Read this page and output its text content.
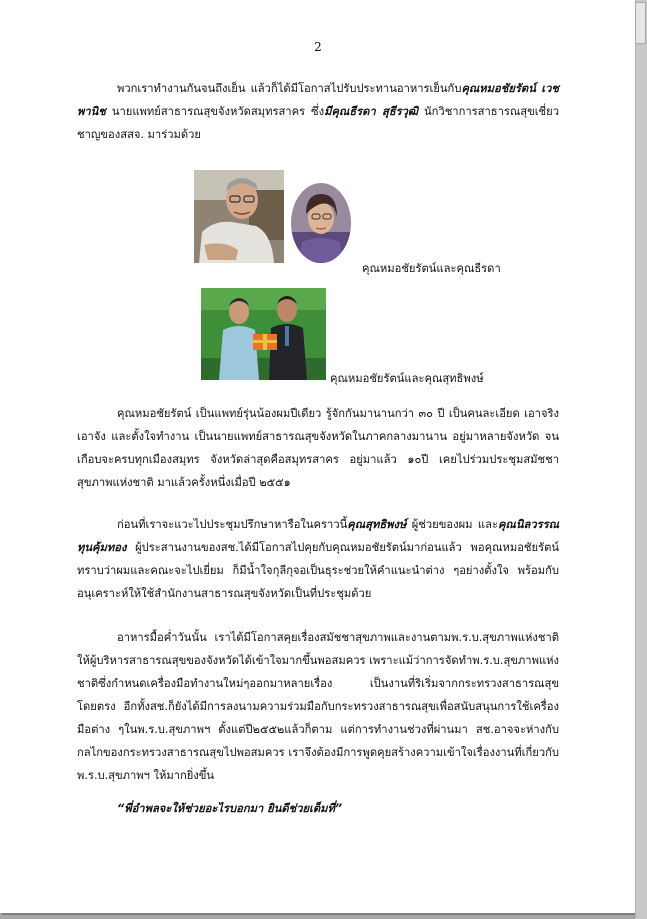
2
พวกเราทำงานกันจนถึงเย็น แล้วก็ได้มีโอกาสไปรับประทานอาหารเย็นกับคุณหมอชัยรัตน์ เวชพานิช นายแพทย์สาธารณสุขจังหวัดสมุทรสาคร ซึ่งมีคุณธีรดา สุธีรวุฒิ นักวิชาการสาธารณสุขเชี่ยวชาญของสสจ. มาร่วมด้วย
คุณหมอชัยรัตน์และคุณธีรดา
คุณหมอชัยรัตน์และคุณสุทธิพงษ์
คุณหมอชัยรัตน์ เป็นแพทย์รุ่นน้องผมปีเดียว รู้จักกันมานานกว่า ๓๐ ปี เป็นคนละเอียด เอาจริงเอาจัง และตั้งใจทำงาน เป็นนายแพทย์สาธารณสุขจังหวัดในภาคกลางมานาน อยู่มาหลายจังหวัด จนเกือบจะครบทุกเมืองสมุทร จังหวัดล่าสุดคือสมุทรสาคร อยู่มาแล้ว ๑๐ปี เคยไปร่วมประชุมสมัชชาสุขภาพแห่งชาติ มาแล้วครั้งหนึ่งเมื่อปี ๒๕๕๑
ก่อนที่เราจะแวะไปประชุมปรึกษาหารือในคราวนี้คุณสุทธิพงษ์ ผู้ช่วยของผม และคุณนิลวรรณ ทุนคุ้มทอง ผู้ประสานงานของสช.ได้มีโอกาสไปคุยกับคุณหมอชัยรัตน์มาก่อนแล้ว พอคุณหมอชัยรัตน์ทราบว่าผมและคณะจะไปเยี่ยม ก็มีน้ำใจกุลีกุจอเป็นธุระช่วยให้คำแนะนำต่าง ๆอย่างตั้งใจ พร้อมกับอนุเคราะห์ให้ใช้สำนักงานสาธารณสุขจังหวัดเป็นที่ประชุมด้วย
อาหารมื้อค่ำวันนั้น เราได้มีโอกาสคุยเรื่องสมัชชาสุขภาพและงานตามพ.ร.บ.สุขภาพแห่งชาติให้ผู้บริหารสาธารณสุขของจังหวัดได้เข้าใจมากขึ้นพอสมควร เพราะแม้ว่าการจัดทำพ.ร.บ.สุขภาพแห่งชาติซึ่งกำหนดเครื่องมือทำงานใหม่ๆออกมาหลายเรื่อง เป็นงานที่ริเริ่มจากกระทรวงสาธารณสุขโดยตรง อีกทั้งสช.ก็ยังได้มีการลงนามความร่วมมือกับกระทรวงสาธารณสุขเพื่อสนับสนุนการใช้เครื่องมือต่าง ๆในพ.ร.บ.สุขภาพฯ ตั้งแต่ปี๒๕๕๒แล้วก็ตาม แต่การทำงานช่วงที่ผ่านมา สช.อาจจะห่างกับกลไกของกระทรวงสาธารณสุขไปพอสมควร เราจึงต้องมีการพูดคุยสร้างความเข้าใจเรื่องงานที่เกี่ยวกับพ.ร.บ.สุขภาพฯ ให้มากยิ่งขึ้น
“พี่อำพลจะให้ช่วยอะไรบอกมา ยินดีช่วยเต็มที่”
